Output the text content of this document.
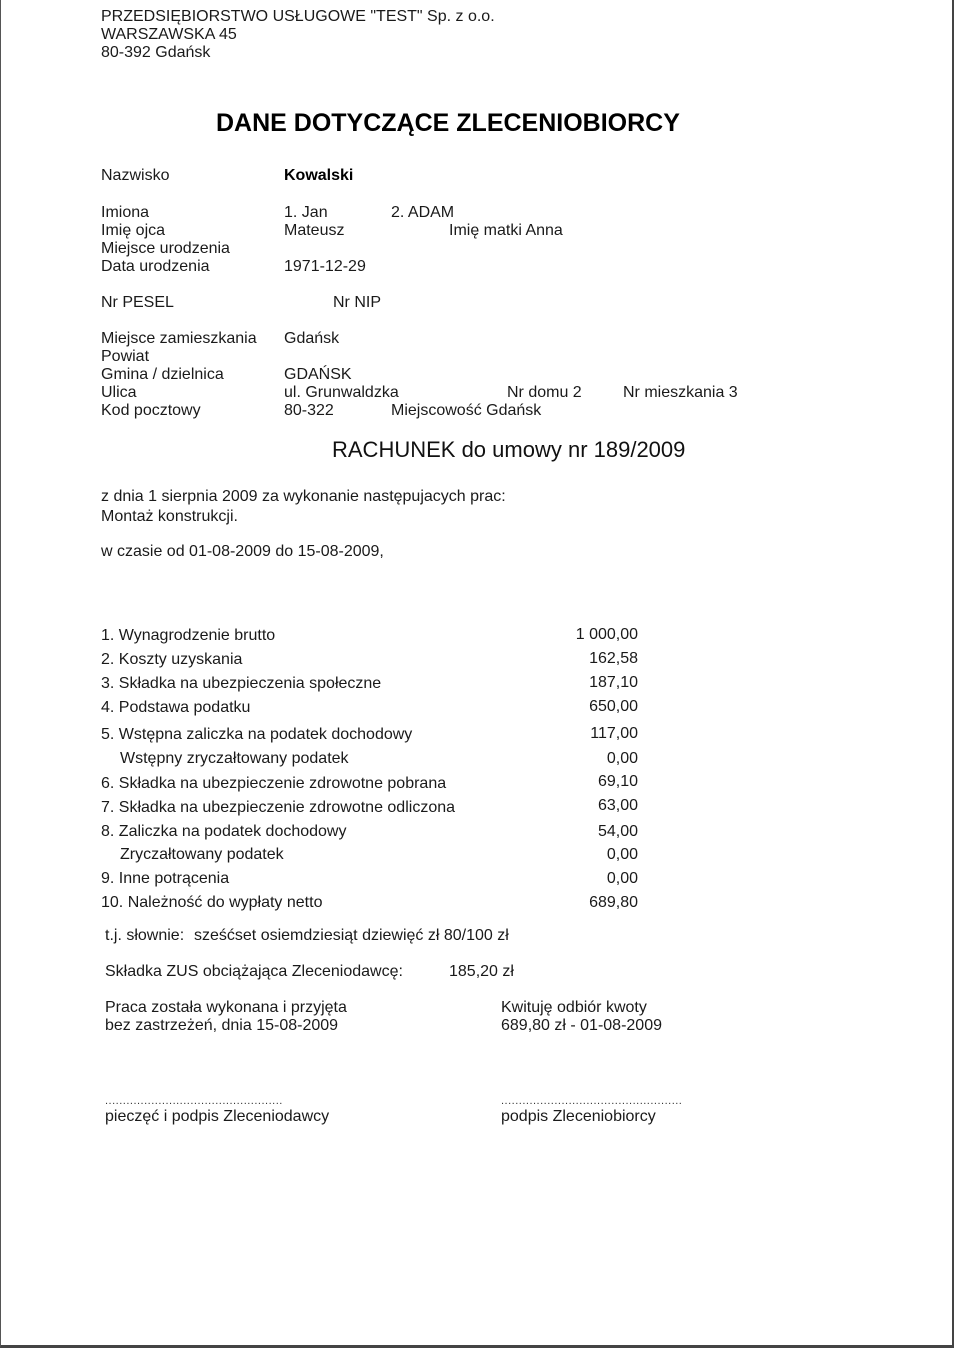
PRZEDSIĘBIORSTWO USŁUGOWE "TEST" Sp. z o.o.
WARSZAWSKA 45
80-392 Gdańsk
DANE DOTYCZĄCE ZLECENIOBIORCY
Nazwisko	Kowalski
Imiona	1. Jan	2. ADAM
Imię ojca	Mateusz	Imię matki Anna
Miejsce urodzenia
Data urodzenia	1971-12-29
Nr PESEL	Nr NIP
Miejsce zamieszkania Gdańsk
Powiat
Gmina / dzielnica	GDAŃSK
Ulica	ul. Grunwaldzka	Nr domu 2	Nr mieszkania 3
Kod pocztowy	80-322	Miejscowość Gdańsk
RACHUNEK do umowy nr 189/2009
z dnia 1 sierpnia 2009 za wykonanie następujacych prac:
Montaż konstrukcji.
w czasie od 01-08-2009 do 15-08-2009,
1. Wynagrodzenie brutto	1 000,00
2. Koszty uzyskania	162,58
3. Składka na ubezpieczenia społeczne	187,10
4. Podstawa podatku	650,00
5. Wstępna zaliczka na podatek dochodowy	117,00
Wstępny zryczałtowany podatek	0,00
6. Składka na ubezpieczenie zdrowotne pobrana	69,10
7. Składka na ubezpieczenie zdrowotne odliczona	63,00
8. Zaliczka na podatek dochodowy	54,00
Zryczałtowany podatek	0,00
9. Inne potrącenia	0,00
10. Należność do wypłaty netto	689,80
t.j. słownie: sześćset osiemdziesiąt dziewięć zł 80/100 zł
Składka ZUS obciążająca Zleceniodawcę:	185,20 zł
Praca została wykonana i przyjęta
bez zastrzeżeń, dnia 15-08-2009
Kwituję odbiór kwoty
689,80 zł - 01-08-2009
..................................................	...................................................
pieczęć i podpis Zleceniodawcy	podpis Zleceniobiorcy
